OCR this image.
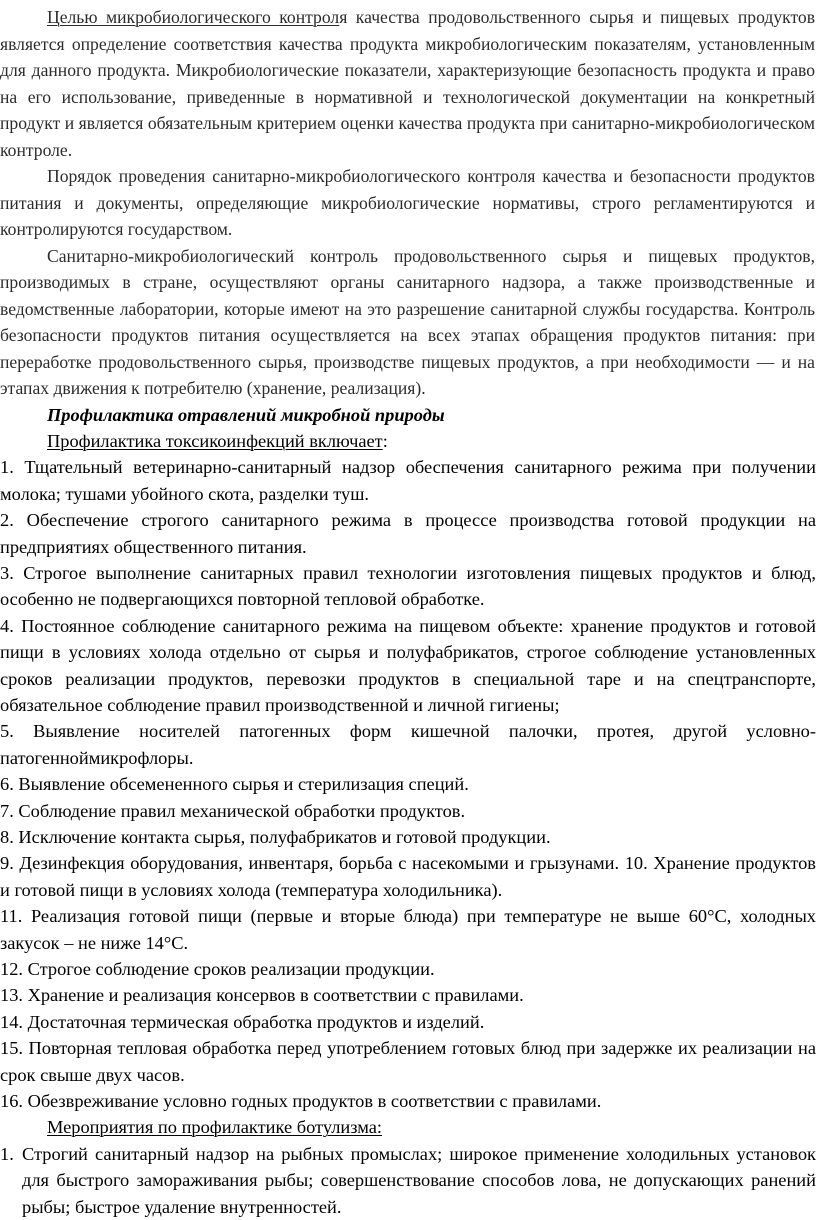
Целью микробиологического контроля качества продовольственного сырья и пищевых продуктов является определение соответствия качества продукта микробиологическим показателям, установленным для данного продукта. Микробиологические показатели, характеризующие безопасность продукта и право на его использование, приведенные в нормативной и технологической документации на конкретный продукт и является обязательным критерием оценки качества продукта при санитарно-микробиологическом контроле.

Порядок проведения санитарно-микробиологического контроля качества и безопасности продуктов питания и документы, определяющие микробиологические нормативы, строго регламентируются и контролируются государством.

Санитарно-микробиологический контроль продовольственного сырья и пищевых продуктов, производимых в стране, осуществляют органы санитарного надзора, а также производственные и ведомственные лаборатории, которые имеют на это разрешение санитарной службы государства. Контроль безопасности продуктов питания осуществляется на всех этапах обращения продуктов питания: при переработке продовольственного сырья, производстве пищевых продуктов, а при необходимости — и на этапах движения к потребителю (хранение, реализация).

Профилактика отравлений микробной природы

Профилактика токсикоинфекций включает:

1. Тщательный ветеринарно-санитарный надзор обеспечения санитарного режима при получении молока; тушами убойного скота, разделки туш.

2. Обеспечение строгого санитарного режима в процессе производства готовой продукции на предприятиях общественного питания.

3. Строгое выполнение санитарных правил технологии изготовления пищевых продуктов и блюд, особенно не подвергающихся повторной тепловой обработке.

4. Постоянное соблюдение санитарного режима на пищевом объекте: хранение продуктов и готовой пищи в условиях холода отдельно от сырья и полуфабрикатов, строгое соблюдение установленных сроков реализации продуктов, перевозки продуктов в специальной таре и на спецтранспорте, обязательное соблюдение правил производственной и личной гигиены;

5. Выявление носителей патогенных форм кишечной палочки, протея, другой условно-патогенноймикрофлоры.

6. Выявление обсемененного сырья и стерилизация специй.

7. Соблюдение правил механической обработки продуктов.

8. Исключение контакта сырья, полуфабрикатов и готовой продукции.

9. Дезинфекция оборудования, инвентаря, борьба с насекомыми и грызунами. 10. Хранение продуктов и готовой пищи в условиях холода (температура холодильника).

11. Реализация готовой пищи (первые и вторые блюда) при температуре не выше 60°С, холодных закусок – не ниже 14°С.

12. Строгое соблюдение сроков реализации продукции.

13. Хранение и реализация консервов в соответствии с правилами.

14. Достаточная термическая обработка продуктов и изделий.

15. Повторная тепловая обработка перед употреблением готовых блюд при задержке их реализации на срок свыше двух часов.

16. Обезвреживание условно годных продуктов в соответствии с правилами.

Мероприятия по профилактике ботулизма:

1. Строгий санитарный надзор на рыбных промыслах; широкое применение холодильных установок для быстрого замораживания рыбы; совершенствование способов лова, не допускающих ранений рыбы; быстрое удаление внутренностей.
